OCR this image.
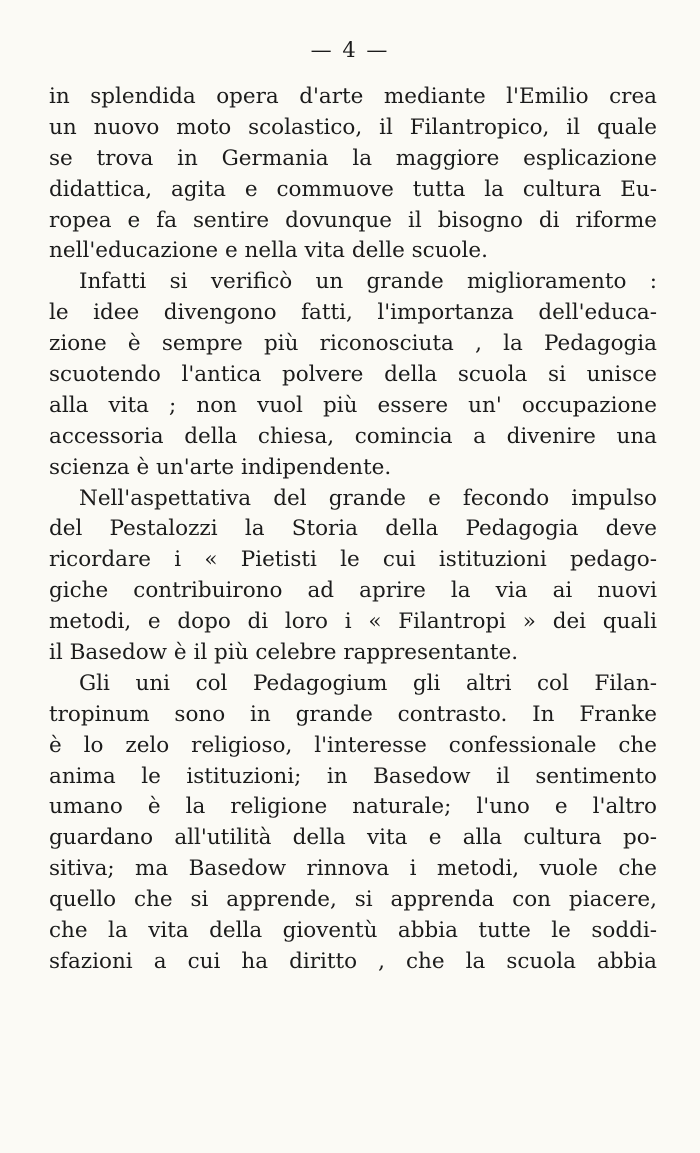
— 4 —
in splendida opera d'arte mediante l'Emilio crea
un nuovo moto scolastico, il Filantropico, il quale
se trova in Germania la maggiore esplicazione
didattica, agita e commuove tutta la cultura Eu-
ropea e fa sentire dovunque il bisogno di riforme
nell'educazione e nella vita delle scuole.
Infatti si verificò un grande miglioramento :
le idee divengono fatti, l'importanza dell'educa-
zione è sempre più riconosciuta , la Pedagogia
scuotendo l'antica polvere della scuola si unisce
alla vita ; non vuol più essere un' occupazione
accessoria della chiesa, comincia a divenire una
scienza è un'arte indipendente.
Nell'aspettativa del grande e fecondo impulso
del Pestalozzi la Storia della Pedagogia deve
ricordare i « Pietisti le cui istituzioni pedago-
giche contribuirono ad aprire la via ai nuovi
metodi, e dopo di loro i « Filantropi » dei quali
il Basedow è il più celebre rappresentante.
Gli uni col Pedagogium gli altri col Filan-
tropinum sono in grande contrasto. In Franke
è lo zelo religioso, l'interesse confessionale che
anima le istituzioni; in Basedow il sentimento
umano è la religione naturale; l'uno e l'altro
guardano all'utilità della vita e alla cultura po-
sitiva; ma Basedow rinnova i metodi, vuole che
quello che si apprende, si apprenda con piacere,
che la vita della gioventù abbia tutte le soddi-
sfazioni a cui ha diritto , che la scuola abbia
